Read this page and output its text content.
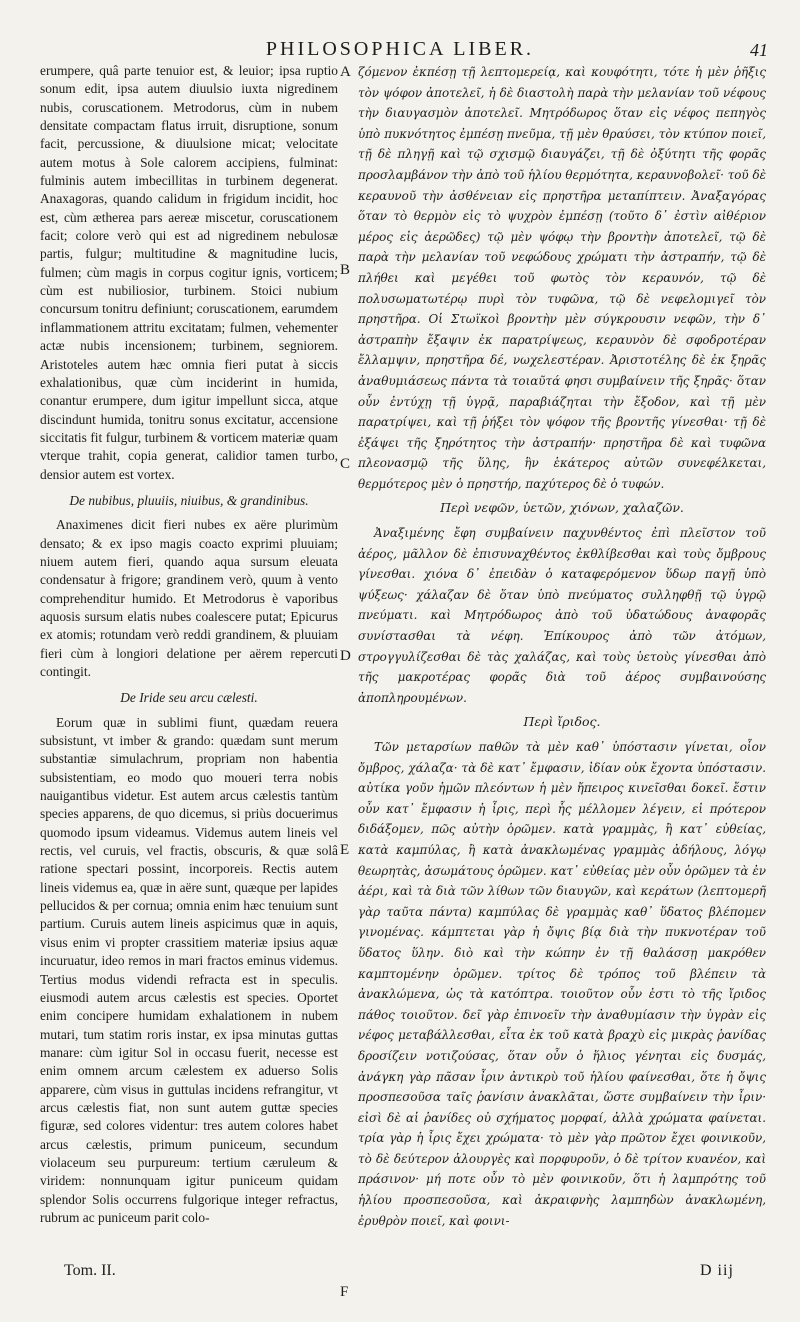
PHILOSOPHICA LIBER.	41

erumpere, quâ parte tenuior est, & leuior; ipsa ruptio sonum edit, ipsa autem diuulsio iuxta nigredinem nubis, coruscationem. Metrodorus, cùm in nubem densitate compactam flatus irruit, disruptione, sonum facit, percussione, & diuulsione micat; velocitate autem motus à Sole calorem accipiens, fulminat: fulminis autem imbecillitas in turbinem degenerat. Anaxagoras, quando calidum in frigidum incidit, hoc est, cùm ætherea pars aereæ miscetur, coruscationem facit; colore verò qui est ad nigredinem nebulosæ partis, fulgur; multitudine & magnitudine lucis, fulmen; cùm magis in corpus cogitur ignis, vorticem; cùm est nubiliosior, turbinem. Stoici nubium concursum tonitru definiunt; coruscationem, earumdem inflammationem attritu excitatam; fulmen, vehementer actæ nubis incensionem; turbinem, segniorem. Aristoteles autem hæc omnia fieri putat à siccis exhalationibus, quæ cùm inciderint in humida, conantur erumpere, dum igitur impellunt sicca, atque discindunt humida, tonitru sonus excitatur, accensione siccitatis fit fulgur, turbinem & vorticem materiæ quam vterque trahit, copia generat, calidior tamen turbo, densior autem est vortex.

De nubibus, pluuiis, niuibus, & grandinibus.

Anaximenes dicit fieri nubes ex aëre plurimùm densato; & ex ipso magis coacto exprimi pluuiam; niuem autem fieri, quando aqua sursum eleuata condensatur à frigore; grandinem verò, quum à vento comprehenditur humido. Et Metrodorus è vaporibus aquosis sursum elatis nubes coalescere putat; Epicurus ex atomis; rotundam verò reddi grandinem, & pluuiam fieri cùm à longiori delatione per aërem repercuti contingit.

De Iride seu arcu cælesti.

Eorum quæ in sublimi fiunt, quædam reuera subsistunt, vt imber & grando: quædam sunt merum substantiæ simulachrum, propriam non habentia subsistentiam, eo modo quo moueri terra nobis nauigantibus videtur. Est autem arcus cælestis tantùm species apparens, de quo dicemus, si priùs docuerimus quomodo ipsum videamus. Videmus autem lineis vel rectis, vel curuis, vel fractis, obscuris, & quæ solâ ratione spectari possint, incorporeis. Rectis autem lineis videmus ea, quæ in aëre sunt, quæque per lapides pellucidos & per cornua; omnia enim hæc tenuium sunt partium. Curuis autem lineis aspicimus quæ in aquis, visus enim vi propter crassitiem materiæ ipsius aquæ incuruatur, ideo remos in mari fractos eminus videmus. Tertius modus videndi refracta est in speculis. eiusmodi autem arcus cælestis est species. Oportet enim concipere humidam exhalationem in nubem mutari, tum statim roris instar, ex ipsa minutas guttas manare: cùm igitur Sol in occasu fuerit, necesse est enim omnem arcum cælestem ex aduerso Solis apparere, cùm visus in guttulas incidens refrangitur, vt arcus cælestis fiat, non sunt autem guttæ species figuræ, sed colores videntur: tres autem colores habet arcus cælestis, primum puniceum, secundum violaceum seu purpureum: tertium cæruleum & viridem: nonnunquam igitur puniceum quidam splendor Solis occurrens fulgorique integer refractus, rubrum ac puniceum parit colo-

ζόμενον ἐκπέσῃ τῇ λεπτομερείᾳ, καὶ κουφότητι, τότε ἡ μὲν ῥῆξις τὸν ψόφον ἀποτελεῖ, ἡ δὲ διαστολὴ παρὰ τὴν μελανίαν τοῦ νέφους τὴν διαυγασμὸν ἀποτελεῖ. Μητρόδωρος ὅταν εἰς νέφος πεπηγὸς ὑπὸ πυκνότητος ἐμπέσῃ πνεῦμα, τῇ μὲν θραύσει, τὸν κτύπον ποιεῖ, τῇ δὲ πληγῇ καὶ τῷ σχισμῷ διαυγάζει, τῇ δὲ ὀξύτητι τῆς φορᾶς προσλαμβάνον τὴν ἀπὸ τοῦ ἡλίου θερμότητα, κεραυνοβολεῖ· τοῦ δὲ κεραυνοῦ τὴν ἀσθένειαν εἰς πρηστῆρα μεταπίπτειν. Ἀναξαγόρας ὅταν τὸ θερμὸν εἰς τὸ ψυχρὸν ἐμπέσῃ (τοῦτο δ᾽ ἐστὶν αἰθέριον μέρος εἰς ἀερῶδες) τῷ μὲν ψόφῳ τὴν βροντὴν ἀποτελεῖ, τῷ δὲ παρὰ τὴν μελανίαν τοῦ νεφώδους χρώματι τὴν ἀστραπήν, τῷ δὲ πλήθει καὶ μεγέθει τοῦ φωτὸς τὸν κεραυνόν, τῷ δὲ πολυσωματωτέρῳ πυρὶ τὸν τυφῶνα, τῷ δὲ νεφελομιγεῖ τὸν πρηστῆρα. Οἱ Στωϊκοὶ βροντὴν μὲν σύγκρουσιν νεφῶν, τὴν δ᾽ ἀστραπὴν ἔξαψιν ἐκ παρατρίψεως, κεραυνὸν δὲ σφοδροτέραν ἔλλαμψιν, πρηστῆρα δέ, νωχελεστέραν. Ἀριστοτέλης δὲ ἐκ ξηρᾶς ἀναθυμιάσεως πάντα τὰ τοιαῦτά φησι συμβαίνειν τῆς ξηρᾶς· ὅταν οὖν ἐντύχῃ τῇ ὑγρᾷ, παραβιάζηται τὴν ἔξοδον, καὶ τῇ μὲν παρατρίψει, καὶ τῇ ῥήξει τὸν ψόφον τῆς βροντῆς γίνεσθαι· τῇ δὲ ἐξάψει τῆς ξηρότητος τὴν ἀστραπήν· πρηστῆρα δὲ καὶ τυφῶνα πλεονασμῷ τῆς ὕλης, ἣν ἑκάτερος αὐτῶν συνεφέλκεται, θερμότερος μὲν ὁ πρηστήρ, παχύτερος δὲ ὁ τυφών.

Περὶ νεφῶν, ὑετῶν, χιόνων, χαλαζῶν.

Ἀναξιμένης ἔφη συμβαίνειν παχυνθέντος ἐπὶ πλεῖστον τοῦ ἀέρος, μᾶλλον δὲ ἐπισυναχθέντος ἐκθλίβεσθαι καὶ τοὺς ὄμβρους γίνεσθαι. χιόνα δ᾽ ἐπειδὰν ὁ καταφερόμενον ὕδωρ παγῇ ὑπὸ ψύξεως· χάλαζαν δὲ ὅταν ὑπὸ πνεύματος συλληφθῇ τῷ ὑγρῷ πνεύματι. καὶ Μητρόδωρος ἀπὸ τοῦ ὑδατώδους ἀναφορᾶς συνίστασθαι τὰ νέφη. Ἐπίκουρος ἀπὸ τῶν ἀτόμων, στρογγυλίζεσθαι δὲ τὰς χαλάζας, καὶ τοὺς ὑετοὺς γίνεσθαι ἀπὸ τῆς μακροτέρας φορᾶς διὰ τοῦ ἀέρος συμβαινούσης ἀποπληρουμένων.

Περὶ ἴριδος.

Τῶν μεταρσίων παθῶν τὰ μὲν καθ᾽ ὑπόστασιν γίνεται, οἷον ὄμβρος, χάλαζα· τὰ δὲ κατ᾽ ἔμφασιν, ἰδίαν οὐκ ἔχοντα ὑπόστασιν. αὐτίκα γοῦν ἡμῶν πλεόντων ἡ μὲν ἤπειρος κινεῖσθαι δοκεῖ. ἔστιν οὖν κατ᾽ ἔμφασιν ἡ ἶρις, περὶ ἧς μέλλομεν λέγειν, εἰ πρότερον διδάξομεν, πῶς αὐτὴν ὁρῶμεν. κατὰ γραμμὰς, ἢ κατ᾽ εὐθείας, κατὰ καμπύλας, ἢ κατὰ ἀνακλωμένας γραμμὰς ἀδήλους, λόγῳ θεωρητὰς, ἀσωμάτους ὁρῶμεν. κατ᾽ εὐθείας μὲν οὖν ὁρῶμεν τὰ ἐν ἀέρι, καὶ τὰ διὰ τῶν λίθων τῶν διαυγῶν, καὶ κεράτων (λεπτομερῆ γὰρ ταῦτα πάντα) καμπύλας δὲ γραμμὰς καθ᾽ ὕδατος βλέπομεν γινομένας. κάμπτεται γὰρ ἡ ὄψις βίᾳ διὰ τὴν πυκνοτέραν τοῦ ὕδατος ὕλην. διὸ καὶ τὴν κώπην ἐν τῇ θαλάσσῃ μακρόθεν καμπτομένην ὁρῶμεν. τρίτος δὲ τρόπος τοῦ βλέπειν τὰ ἀνακλώμενα, ὡς τὰ κατόπτρα. τοιοῦτον οὖν ἐστι τὸ τῆς ἴριδος πάθος τοιοῦτον. δεῖ γὰρ ἐπινοεῖν τὴν ἀναθυμίασιν τὴν ὑγρὰν εἰς νέφος μεταβάλλεσθαι, εἶτα ἐκ τοῦ κατὰ βραχὺ εἰς μικρὰς ῥανίδας δροσίζειν νοτιζούσας, ὅταν οὖν ὁ ἥλιος γένηται εἰς δυσμάς, ἀνάγκη γὰρ πᾶσαν ἶριν ἀντικρὺ τοῦ ἡλίου φαίνεσθαι, ὅτε ἡ ὄψις προσπεσοῦσα ταῖς ῥανίσιν ἀνακλᾶται, ὥστε συμβαίνειν τὴν ἶριν· εἰσὶ δὲ αἱ ῥανίδες οὐ σχήματος μορφαί, ἀλλὰ χρώματα φαίνεται. τρία γὰρ ἡ ἶρις ἔχει χρώματα· τὸ μὲν γὰρ πρῶτον ἔχει φοινικοῦν, τὸ δὲ δεύτερον ἁλουργὲς καὶ πορφυροῦν, ὁ δὲ τρίτον κυανέον, καὶ πράσινον· μή ποτε οὖν τὸ μὲν φοινικοῦν, ὅτι ἡ λαμπρότης τοῦ ἡλίου προσπεσοῦσα, καὶ ἀκραιφνὴς λαμπηδὼν ἀνακλωμένη, ἐρυθρὸν ποιεῖ, καὶ φοινι-

A
B
C
D
E
F
Tom. II.	D iij
